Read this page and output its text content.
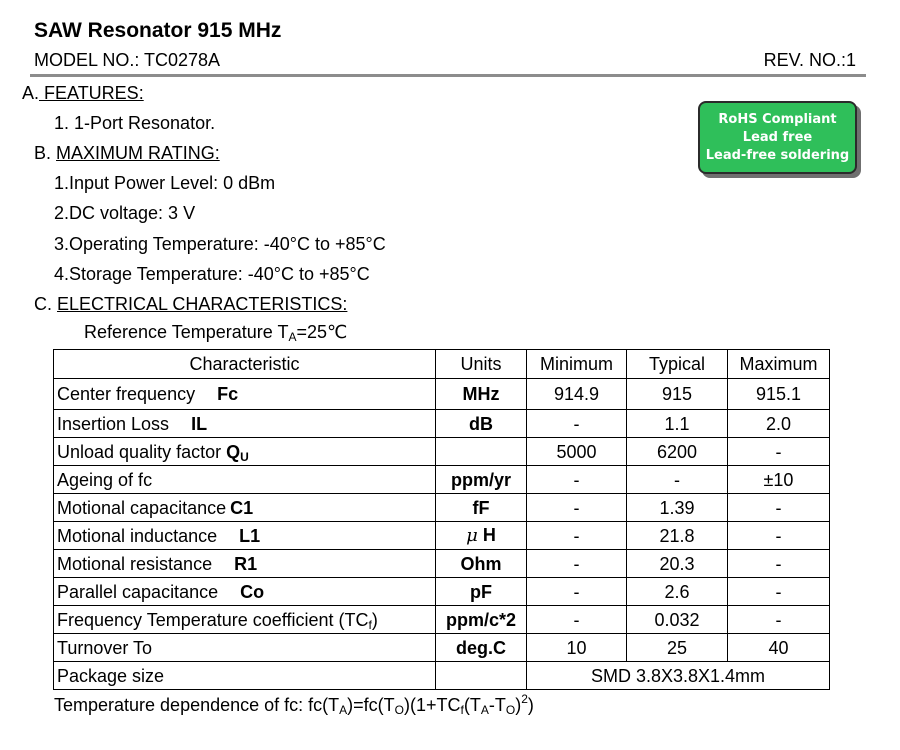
SAW Resonator 915 MHz
MODEL NO.: TC0278A	REV. NO.:1
RoHS Compliant
Lead free
Lead-free soldering
A. FEATURES:
1. 1-Port Resonator.
B. MAXIMUM RATING:
1.Input Power Level: 0 dBm
2.DC voltage: 3 V
3.Operating Temperature: -40°C to +85°C
4.Storage Temperature: -40°C to +85°C
C. ELECTRICAL CHARACTERISTICS:
Reference Temperature $T_A=25℃$
Characteristic	Units	Minimum	Typical	Maximum
Center frequency Fc	MHz	914.9	915	915.1
Insertion Loss IL	dB	-	1.1	2.0
Unload quality factor $Q_U$		5000	6200	-
Ageing of fc	ppm/yr	-	-	±10
Motional capacitance C1	fF	-	1.39	-
Motional inductance L1	μ H	-	21.8	-
Motional resistance R1	Ohm	-	20.3	-
Parallel capacitance Co	pF	-	2.6	-
Frequency Temperature coefficient $(TC_f)$	ppm/c*2	-	0.032	-
Turnover To	deg.C	10	25	40
Package size		SMD 3.8X3.8X1.4mm		
Temperature dependence of fc: $fc(T_A)=fc(T_O)(1+TC_f(T_A-T_O)^2)$
